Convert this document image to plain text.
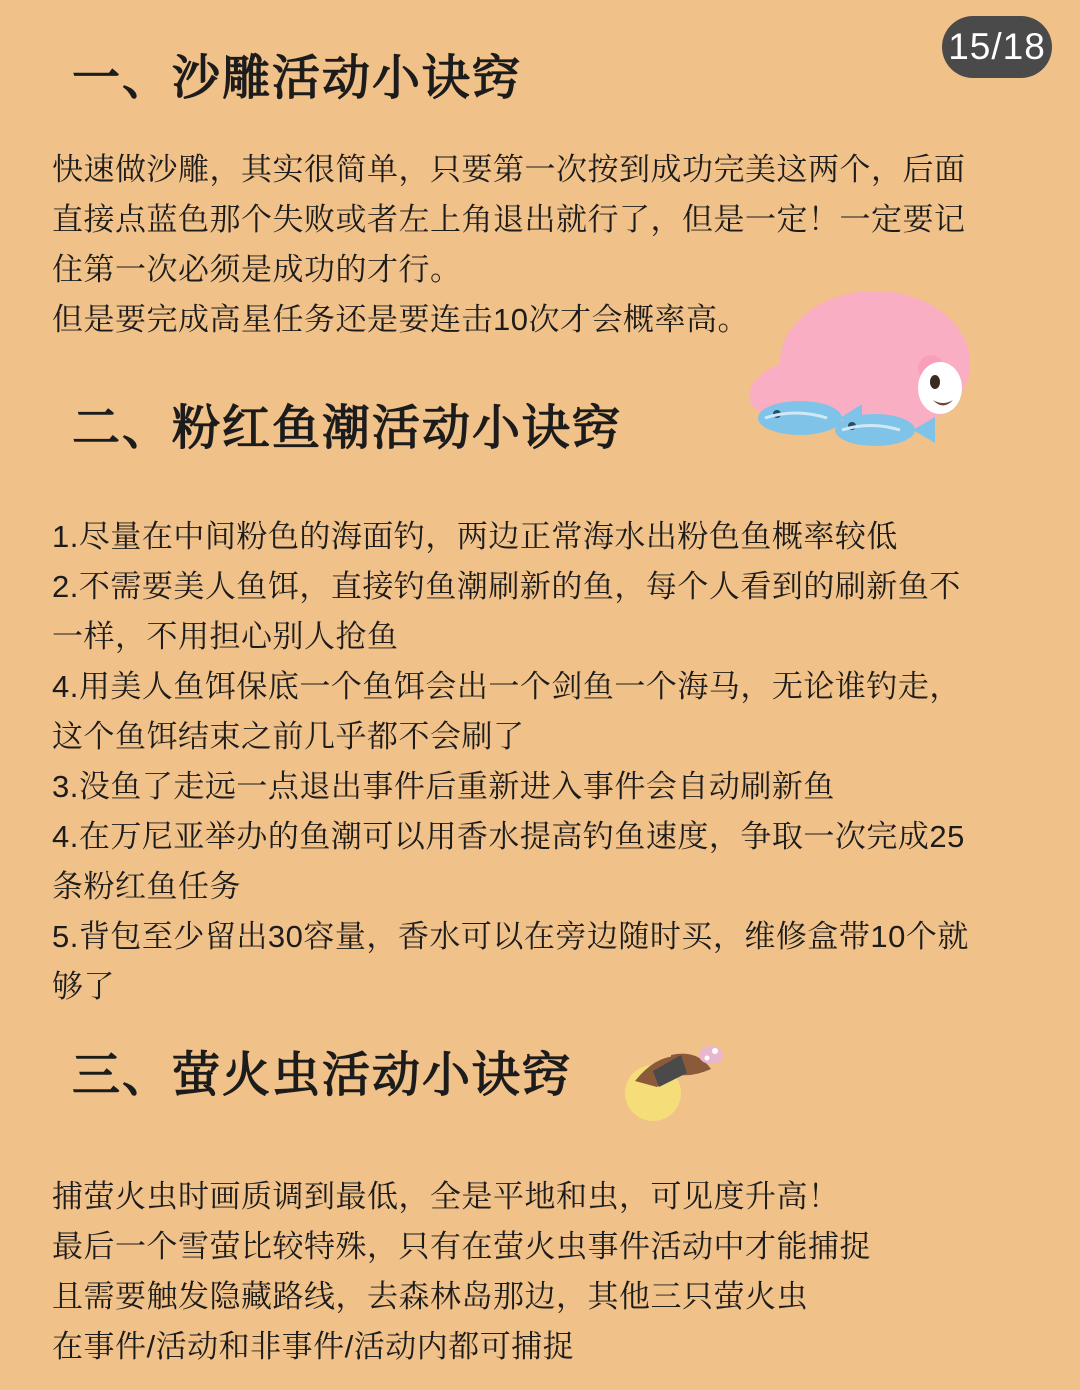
15/18
一、沙雕活动小诀窍

快速做沙雕，其实很简单，只要第一次按到成功完美这两个，后面

直接点蓝色那个失败或者左上角退出就行了，但是一定！一定要记

住第一次必须是成功的才行。

但是要完成高星任务还是要连击10次才会概率高。

二、粉红鱼潮活动小诀窍

1.尽量在中间粉色的海面钓，两边正常海水出粉色鱼概率较低

2.不需要美人鱼饵，直接钓鱼潮刷新的鱼，每个人看到的刷新鱼不

一样，不用担心别人抢鱼

4.用美人鱼饵保底一个鱼饵会出一个剑鱼一个海马，无论谁钓走，

这个鱼饵结束之前几乎都不会刷了

3.没鱼了走远一点退出事件后重新进入事件会自动刷新鱼

4.在万尼亚举办的鱼潮可以用香水提高钓鱼速度，争取一次完成25

条粉红鱼任务

5.背包至少留出30容量，香水可以在旁边随时买，维修盒带10个就

够了

三、萤火虫活动小诀窍

捕萤火虫时画质调到最低，全是平地和虫，可见度升高！

最后一个雪萤比较特殊，只有在萤火虫事件活动中才能捕捉

且需要触发隐藏路线，去森林岛那边，其他三只萤火虫

在事件/活动和非事件/活动内都可捕捉
